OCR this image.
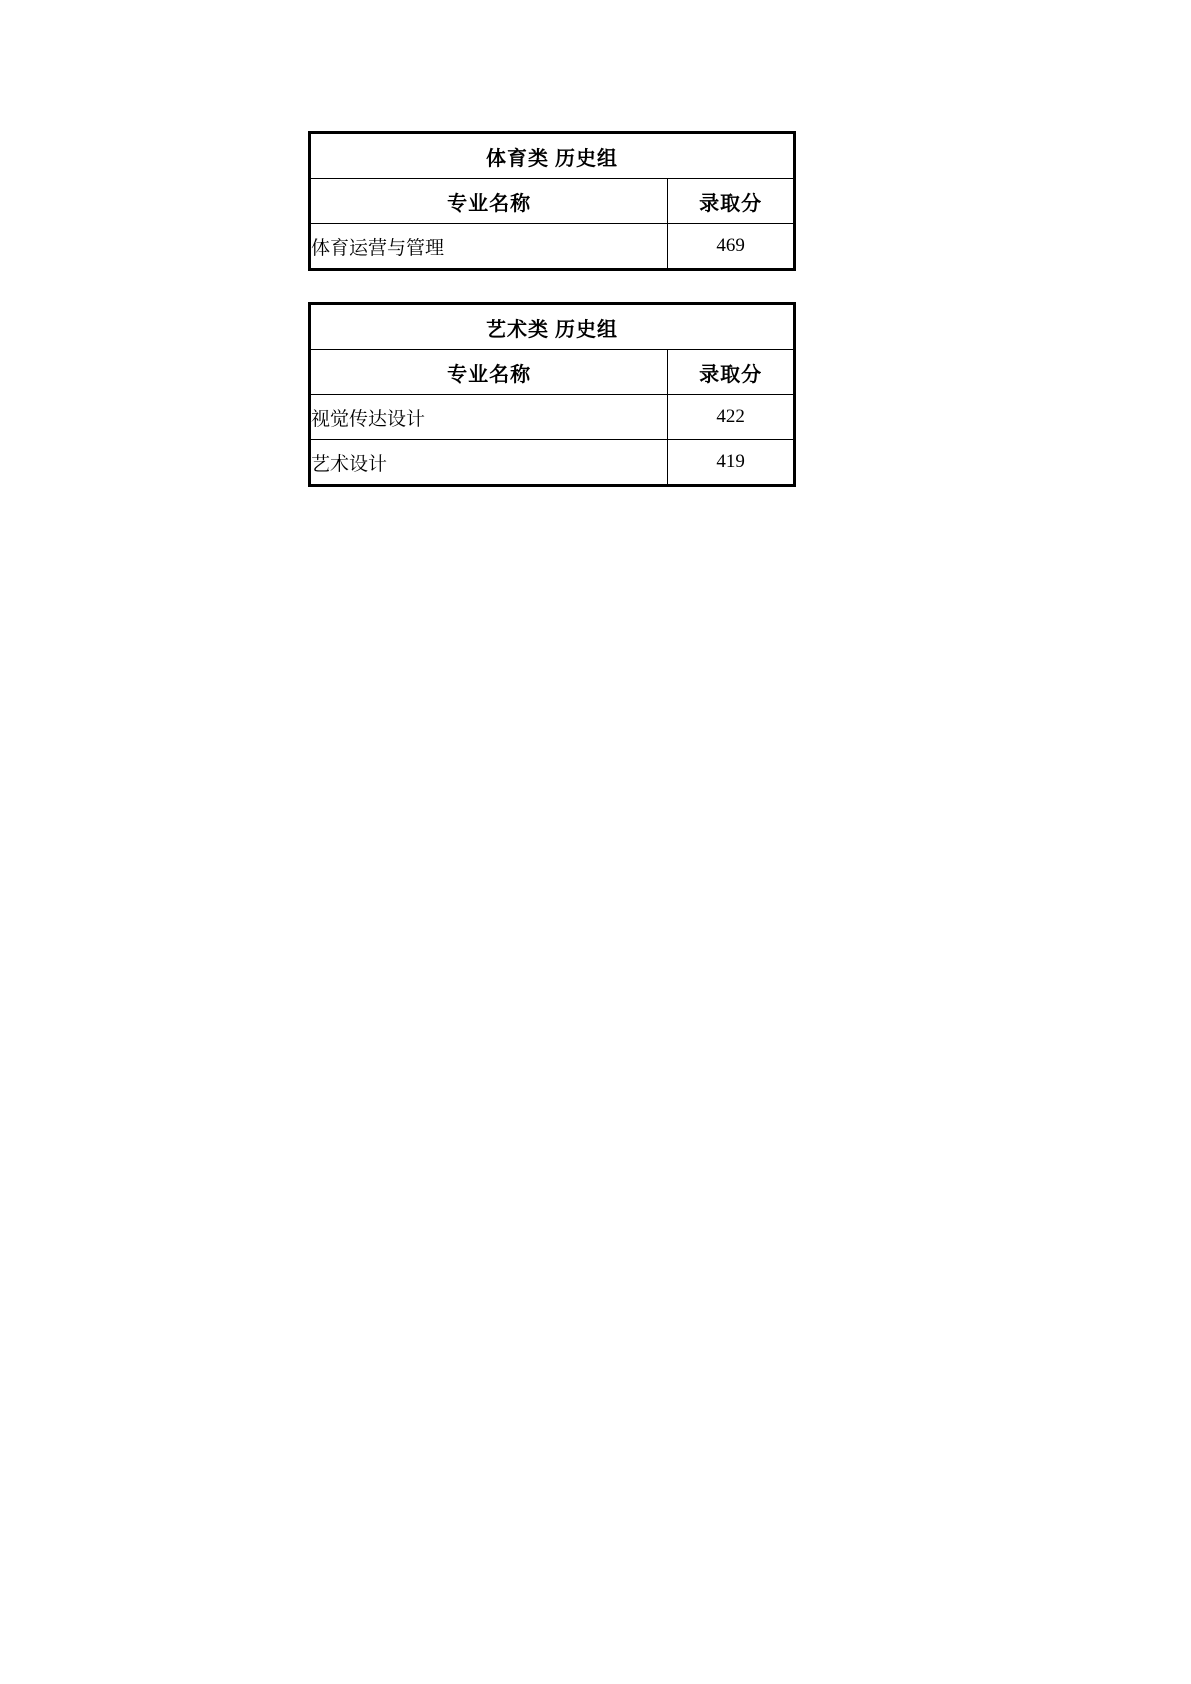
体育类 历史组	
专业名称	录取分
体育运营与管理	469
艺术类 历史组	
专业名称	录取分
视觉传达设计	422
艺术设计	419
